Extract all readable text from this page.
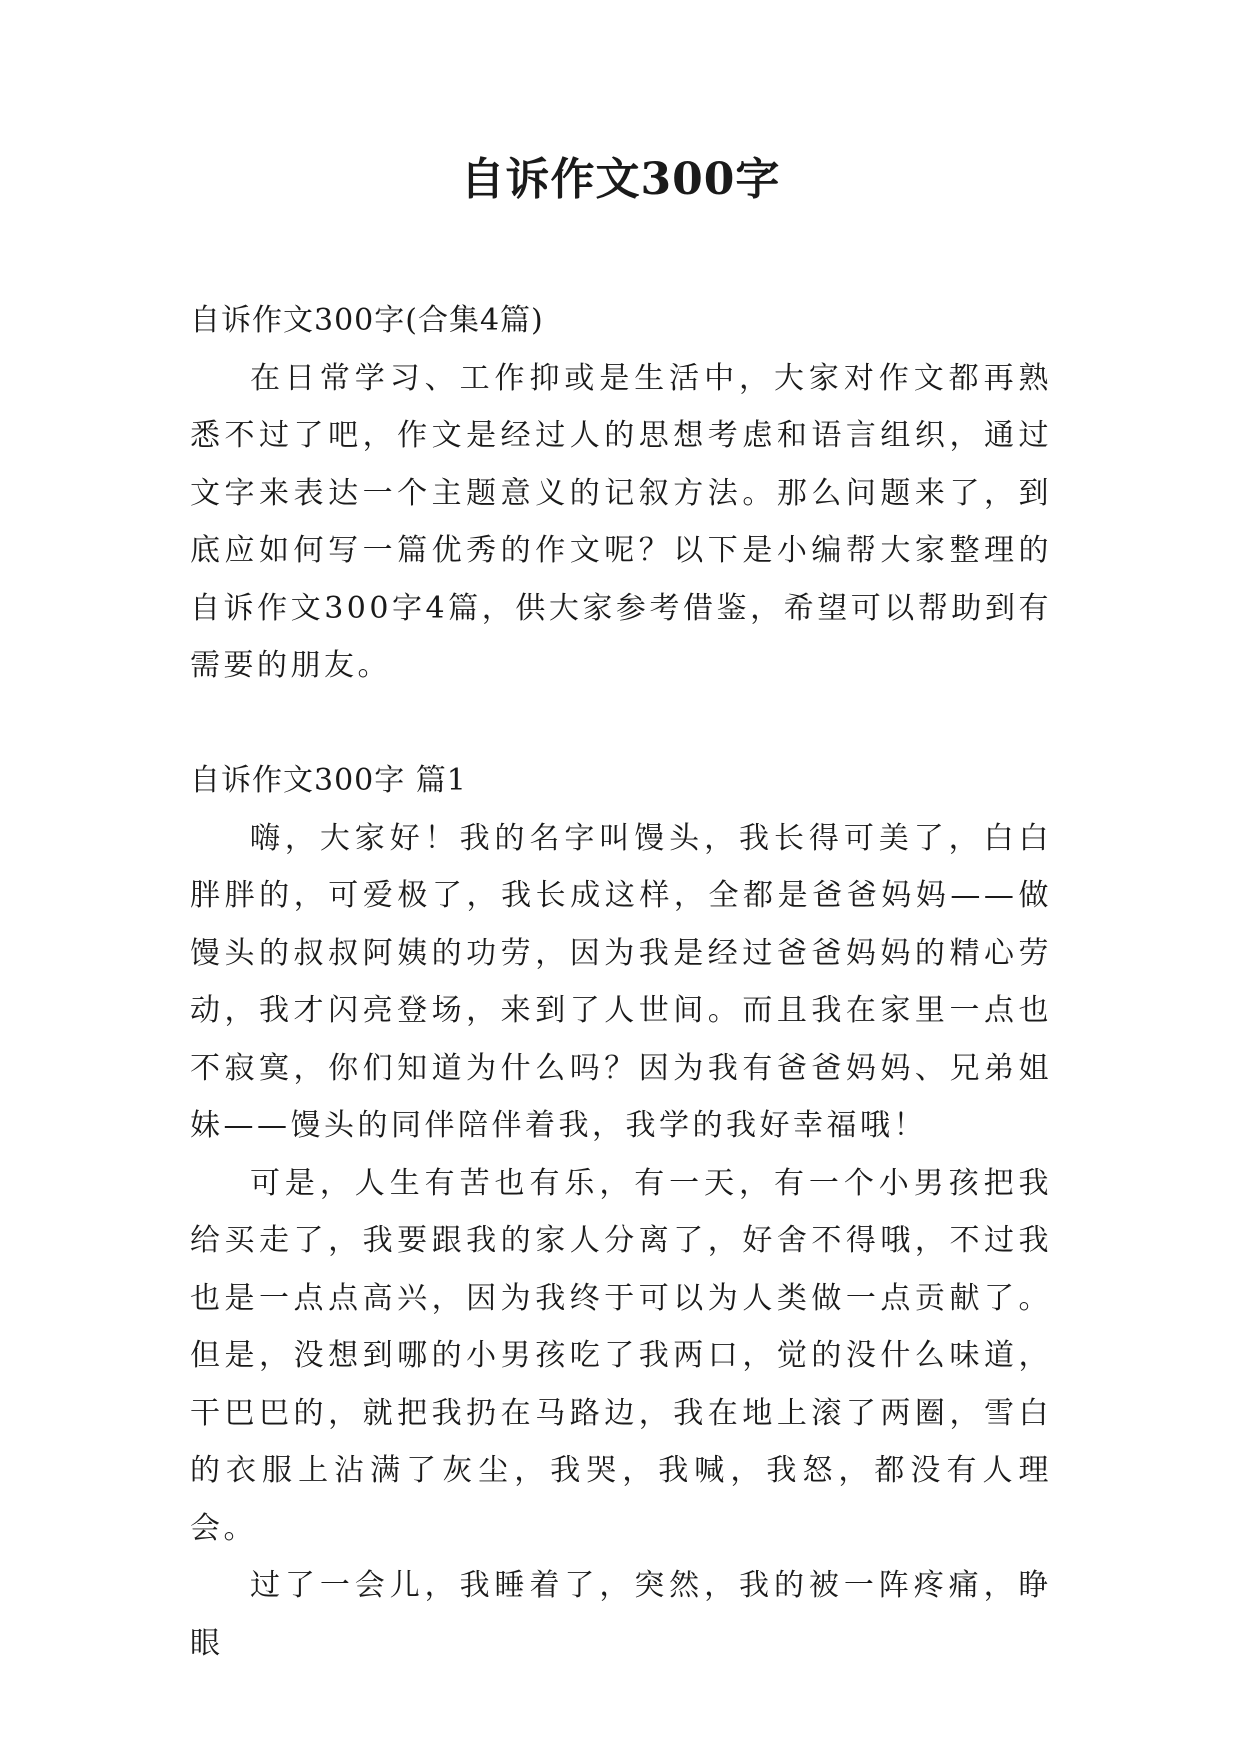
自诉作文300字

自诉作文300字(合集4篇)

在日常学习、工作抑或是生活中，大家对作文都再熟悉不过了吧，作文是经过人的思想考虑和语言组织，通过文字来表达一个主题意义的记叙方法。那么问题来了，到底应如何写一篇优秀的作文呢？以下是小编帮大家整理的自诉作文300字4篇，供大家参考借鉴，希望可以帮助到有需要的朋友。

自诉作文300字 篇1

嗨，大家好！我的名字叫馒头，我长得可美了，白白胖胖的，可爱极了，我长成这样，全都是爸爸妈妈——做馒头的叔叔阿姨的功劳，因为我是经过爸爸妈妈的精心劳动，我才闪亮登场，来到了人世间。而且我在家里一点也不寂寞，你们知道为什么吗？因为我有爸爸妈妈、兄弟姐妹——馒头的同伴陪伴着我，我学的我好幸福哦！

可是，人生有苦也有乐，有一天，有一个小男孩把我给买走了，我要跟我的家人分离了，好舍不得哦，不过我也是一点点高兴，因为我终于可以为人类做一点贡献了。但是，没想到哪的小男孩吃了我两口，觉的没什么味道，干巴巴的，就把我扔在马路边，我在地上滚了两圈，雪白的衣服上沾满了灰尘，我哭，我喊，我怒，都没有人理会。

过了一会儿，我睡着了，突然，我的被一阵疼痛，睁眼
